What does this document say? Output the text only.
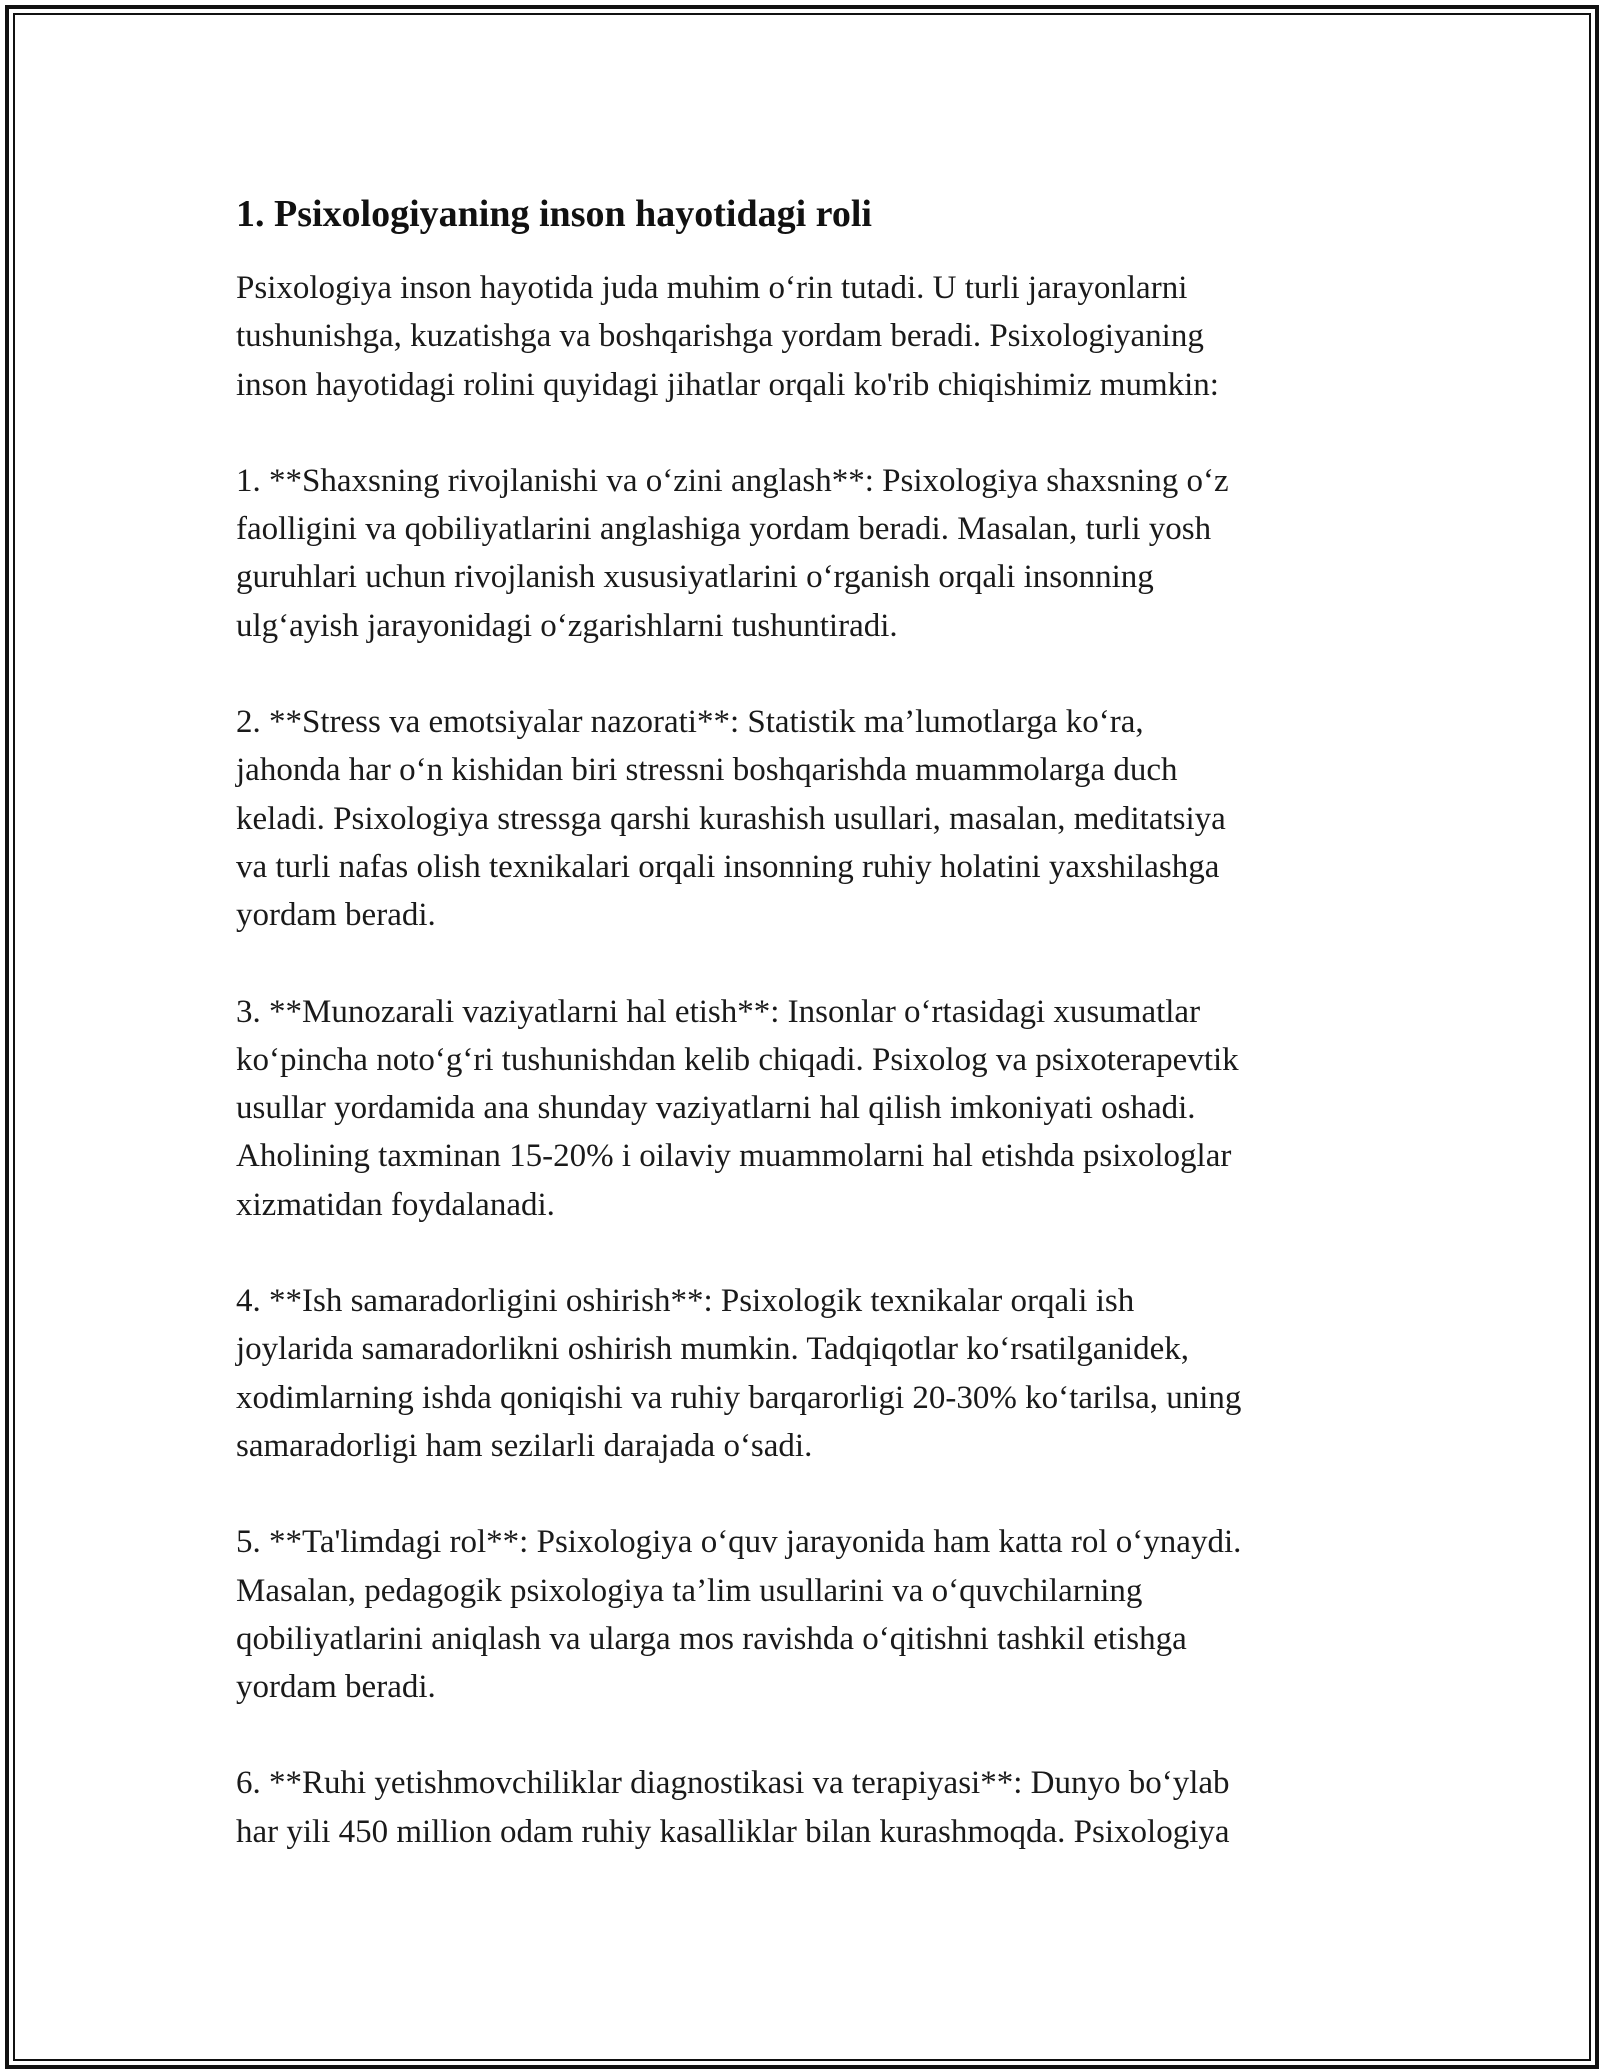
1. Psixologiyaning inson hayotidagi roli

Psixologiya inson hayotida juda muhim o‘rin tutadi. U turli jarayonlarni
tushunishga, kuzatishga va boshqarishga yordam beradi. Psixologiyaning
inson hayotidagi rolini quyidagi jihatlar orqali ko'rib chiqishimiz mumkin:

1. **Shaxsning rivojlanishi va o‘zini anglash**: Psixologiya shaxsning o‘z
faolligini va qobiliyatlarini anglashiga yordam beradi. Masalan, turli yosh
guruhlari uchun rivojlanish xususiyatlarini o‘rganish orqali insonning
ulg‘ayish jarayonidagi o‘zgarishlarni tushuntiradi.

2. **Stress va emotsiyalar nazorati**: Statistik ma’lumotlarga ko‘ra,
jahonda har o‘n kishidan biri stressni boshqarishda muammolarga duch
keladi. Psixologiya stressga qarshi kurashish usullari, masalan, meditatsiya
va turli nafas olish texnikalari orqali insonning ruhiy holatini yaxshilashga
yordam beradi.

3. **Munozarali vaziyatlarni hal etish**: Insonlar o‘rtasidagi xusumatlar
ko‘pincha noto‘g‘ri tushunishdan kelib chiqadi. Psixolog va psixoterapevtik
usullar yordamida ana shunday vaziyatlarni hal qilish imkoniyati oshadi.
Aholining taxminan 15-20% i oilaviy muammolarni hal etishda psixologlar
xizmatidan foydalanadi.

4. **Ish samaradorligini oshirish**: Psixologik texnikalar orqali ish
joylarida samaradorlikni oshirish mumkin. Tadqiqotlar ko‘rsatilganidek,
xodimlarning ishda qoniqishi va ruhiy barqarorligi 20-30% ko‘tarilsa, uning
samaradorligi ham sezilarli darajada o‘sadi.

5. **Ta'limdagi rol**: Psixologiya o‘quv jarayonida ham katta rol o‘ynaydi.
Masalan, pedagogik psixologiya ta’lim usullarini va o‘quvchilarning
qobiliyatlarini aniqlash va ularga mos ravishda o‘qitishni tashkil etishga
yordam beradi.

6. **Ruhi yetishmovchiliklar diagnostikasi va terapiyasi**: Dunyo bo‘ylab
har yili 450 million odam ruhiy kasalliklar bilan kurashmoqda. Psixologiya
